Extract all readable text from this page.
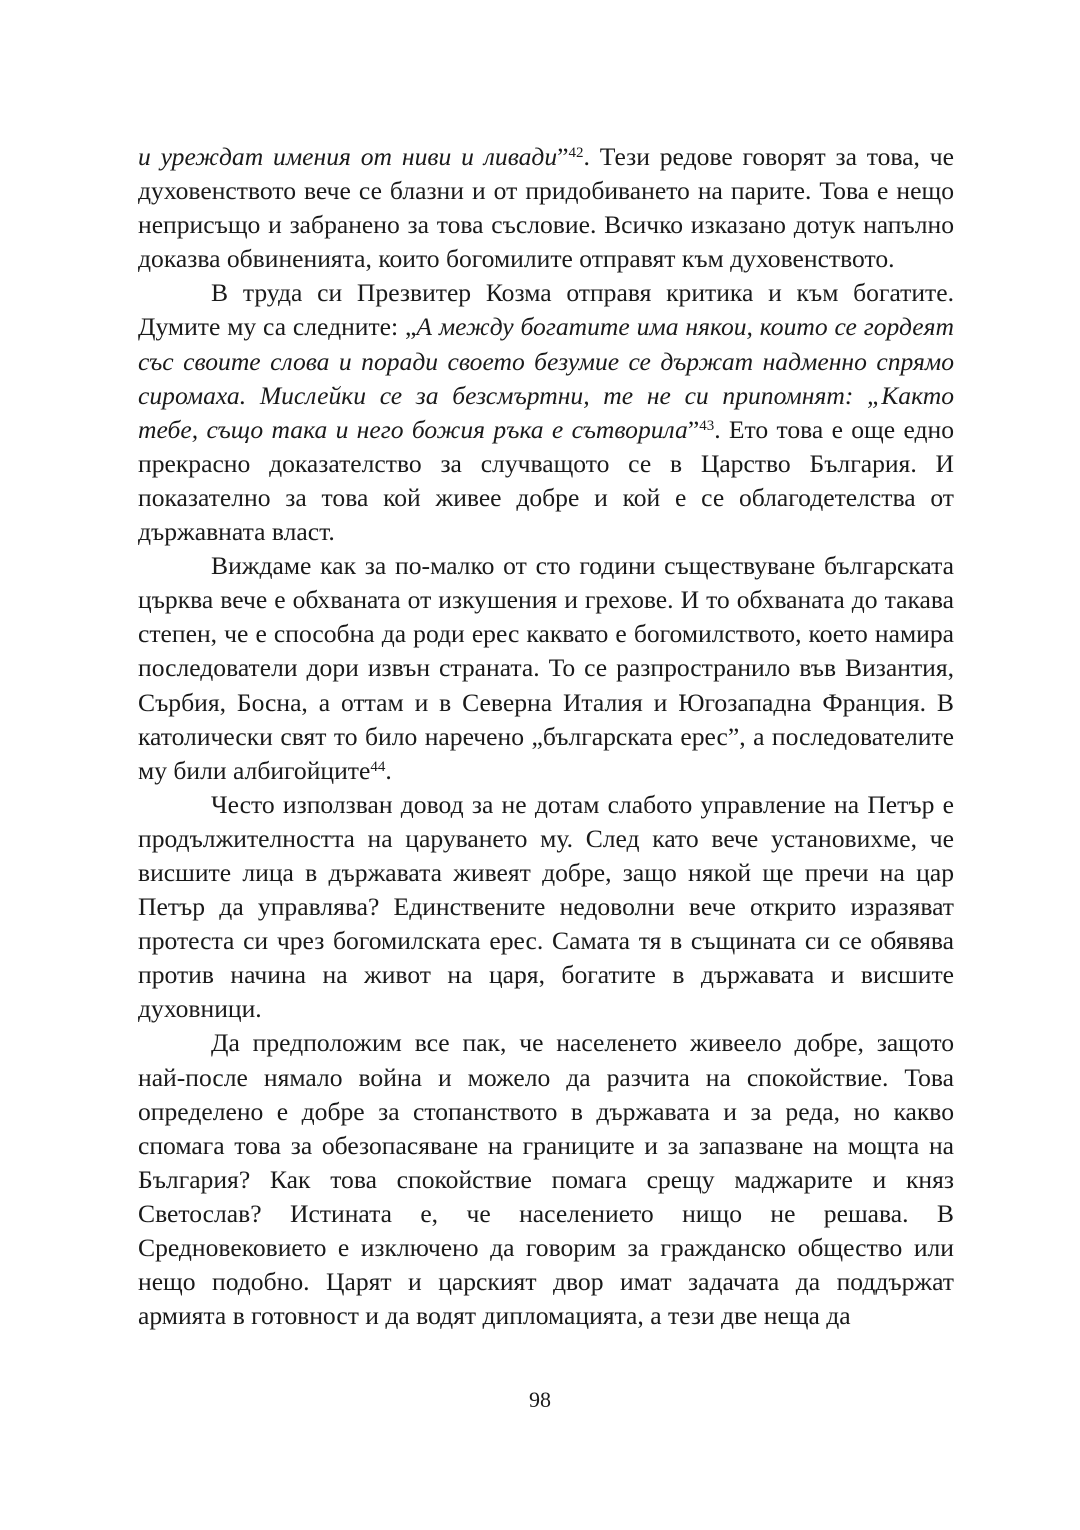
и уреждат имения от ниви и ливади”$^{42}$. Тези редове говорят за това, че духовенството вече се блазни и от придобиването на парите. Това е нещо неприсъщо и забранено за това съсловие. Всичко изказано дотук напълно доказва обвиненията, които богомилите отправят към духовенството.

В труда си Презвитер Козма отправя критика и към богатите. Думите му са следните: „А между богатите има някои, които се гордеят със своите слова и поради своето безумие се държат надменно спрямо сиромаха. Мислейки се за безсмъртни, те не си припомнят: „Както тебе, също така и него божия ръка е сътворила”$^{43}$. Ето това е още едно прекрасно доказателство за случващото се в Царство България. И показателно за това кой живее добре и кой е се облагодетелства от държавната власт.

Виждаме как за по-малко от сто години съществуване българската църква вече е обхваната от изкушения и грехове. И то обхваната до такава степен, че е способна да роди ерес каквато е богомилството, което намира последователи дори извън страната. То се разпространило във Византия, Сърбия, Босна, а оттам и в Северна Италия и Югозападна Франция. В католически свят то било наречено „българската ерес”, а последователите му били албигойците$^{44}$.

Често използван довод за не дотам слабото управление на Петър е продължителността на царуването му. След като вече установихме, че висшите лица в държавата живеят добре, защо някой ще пречи на цар Петър да управлява? Единствените недоволни вече открито изразяват протеста си чрез богомилската ерес. Самата тя в същината си се обявява против начина на живот на царя, богатите в държавата и висшите духовници.

Да предположим все пак, че населенето живеело добре, защото най-после нямало война и можело да разчита на спокойствие. Това определено е добре за стопанството в държавата и за реда, но какво спомага това за обезопасяване на границите и за запазване на мощта на България? Как това спокойствие помага срещу маджарите и княз Светослав? Истината е, че населението нищо не решава. В Средновековието е изключено да говорим за гражданско общество или нещо подобно. Царят и царският двор имат задачата да поддържат армията в готовност и да водят дипломацията, а тези две неща да

98
